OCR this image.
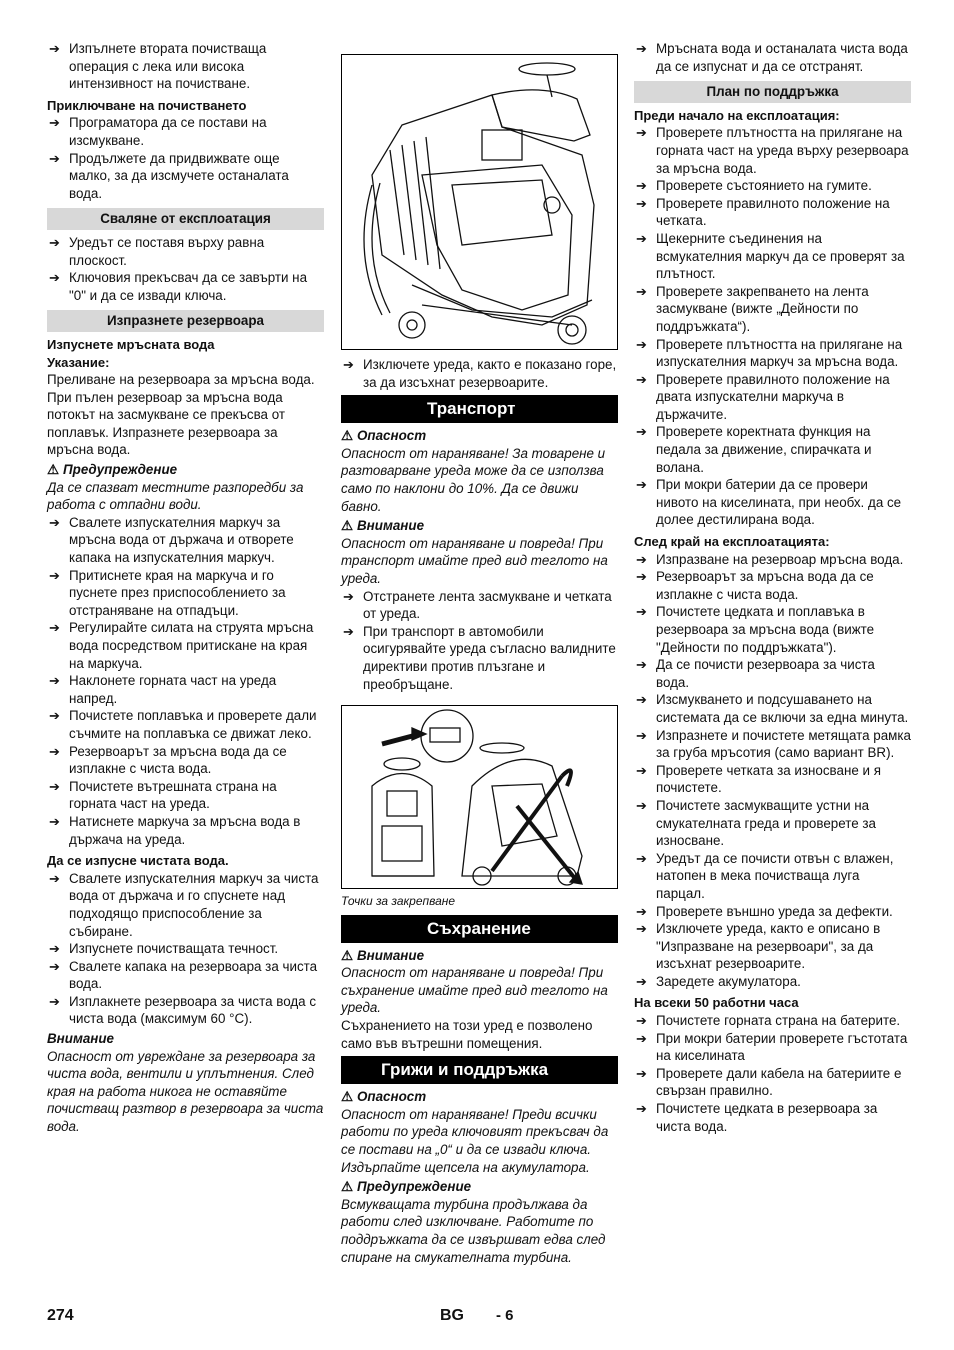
➔ Изпълнете втората почистваща операция с лека или висока интензивност на почистване.
Приключване на почистването
➔ Програматора да се постави на изсмукване.
➔ Продължете да придвижвате още малко, за да изсмучете останалата вода.
Сваляне от експлоатация
➔ Уредът се поставя върху равна плоскост.
➔ Ключовия прекъсвач да се завърти на "0" и да се извади ключа.
Изпразнете резервоара
Изпуснете мръсната вода
Указание:
Преливане на резервоара за мръсна вода. При пълен резервоар за мръсна вода потокът на засмукване се прекъсва от поплавък. Изпразнете резервоара за мръсна вода.
⚠ Предупреждение
Да се спазват местните разпоредби за работа с отпадни води.
➔ Свалете изпускателния маркуч за мръсна вода от държача и отворете капака на изпускателния маркуч.
➔ Притиснете края на маркуча и го пуснете през приспособлението за отстраняване на отпадъци.
➔ Регулирайте силата на струята мръсна вода посредством притискане на края на маркуча.
➔ Наклонете горната част на уреда напред.
➔ Почистете поплавъка и проверете дали съчмите на поплавъка се движат леко.
➔ Резервоарът за мръсна вода да се изплакне с чиста вода.
➔ Почистете вътрешната страна на горната част на уреда.
➔ Натиснете маркуча за мръсна вода в държача на уреда.
Да се изпусне чистата вода.
➔ Свалете изпускателния маркуч за чиста вода от държача и го спуснете над подходящо приспособление за събиране.
➔ Изпуснете почистващата течност.
➔ Свалете капака на резервоара за чиста вода.
➔ Изплакнете резервоара за чиста вода с чиста вода (максимум 60 °C).
Внимание
Опасност от увреждане за резервоара за чиста вода, вентили и уплътнения. След края на работа никога не оставяйте почистващ разтвор в резервоара за чиста вода.
➔ Изключете уреда, както е показано горе, за да изсъхнат резервоарите.
Транспорт
⚠ Опасност
Опасност от нараняване! За товарене и разтоварване уреда може да се използва само по наклони до 10%. Да се движи бавно.
⚠ Внимание
Опасност от нараняване и повреда! При транспорт имайте пред вид теглото на уреда.
➔ Отстранете лента засмукване и четката от уреда.
➔ При транспорт в автомобили осигурявайте уреда съгласно валидните директиви против плъзгане и преобръщане.
Точки за закрепване
Съхранение
⚠ Внимание
Опасност от нараняване и повреда! При съхранение имайте пред вид теглото на уреда.
Съхранението на този уред е позволено само във вътрешни помещения.
Грижи и поддръжка
⚠ Опасност
Опасност от нараняване! Преди всички работи по уреда ключовият прекъсвач да се постави на „0“ и да се извади ключа. Издърпайте щепсела на акумулатора.
⚠ Предупреждение
Всмукващата турбина продължава да работи след изключване. Работите по поддръжката да се извършват едва след спиране на смукателната турбина.
➔ Мръсната вода и останалата чиста вода да се изпуснат и да се отстранят.
План по поддръжка
Преди начало на експлоатация:
➔ Проверете плътността на прилягане на горната част на уреда върху резервоара за мръсна вода.
➔ Проверете състоянието на гумите.
➔ Проверете правилното положение на четката.
➔ Щекерните съединения на всмукателния маркуч да се проверят за плътност.
➔ Проверете закрепването на лента засмукване (вижте „Дейности по поддръжката“).
➔ Проверете плътността на прилягане на изпускателния маркуч за мръсна вода.
➔ Проверете правилното положение на двата изпускателни маркуча в държачите.
➔ Проверете коректната функция на педала за движение, спирачката и волана.
➔ При мокри батерии да се провери нивото на киселината, при необх. да се долее дестилирана вода.
След край на експлоатацията:
➔ Изпразване на резервоар мръсна вода.
➔ Резервоарът за мръсна вода да се изплакне с чиста вода.
➔ Почистете цедката и поплавъка в резервоара за мръсна вода (вижте "Дейности по поддръжката").
➔ Да се почисти резервоара за чиста вода.
➔ Изсмукването и подсушаването на системата да се включи за една минута.
➔ Изпразнете и почистете метящата рамка за груба мръсотия (само вариант BR).
➔ Проверете четката за износване и я почистете.
➔ Почистете засмукващите устни на смукателната греда и проверете за износване.
➔ Уредът да се почисти отвън с влажен, натопен в мека почистваща луга парцал.
➔ Проверете външно уреда за дефекти.
➔ Изключете уреда, както е описано в "Изпразване на резервоари", за да изсъхнат резервоарите.
➔ Заредете акумулатора.
На всеки 50 работни часа
➔ Почистете горната страна на батерите.
➔ При мокри батерии проверете гъстотата на киселината
➔ Проверете дали кабела на батериите е свързан правилно.
➔ Почистете цедката в резервоара за чиста вода.
274	BG - 6
